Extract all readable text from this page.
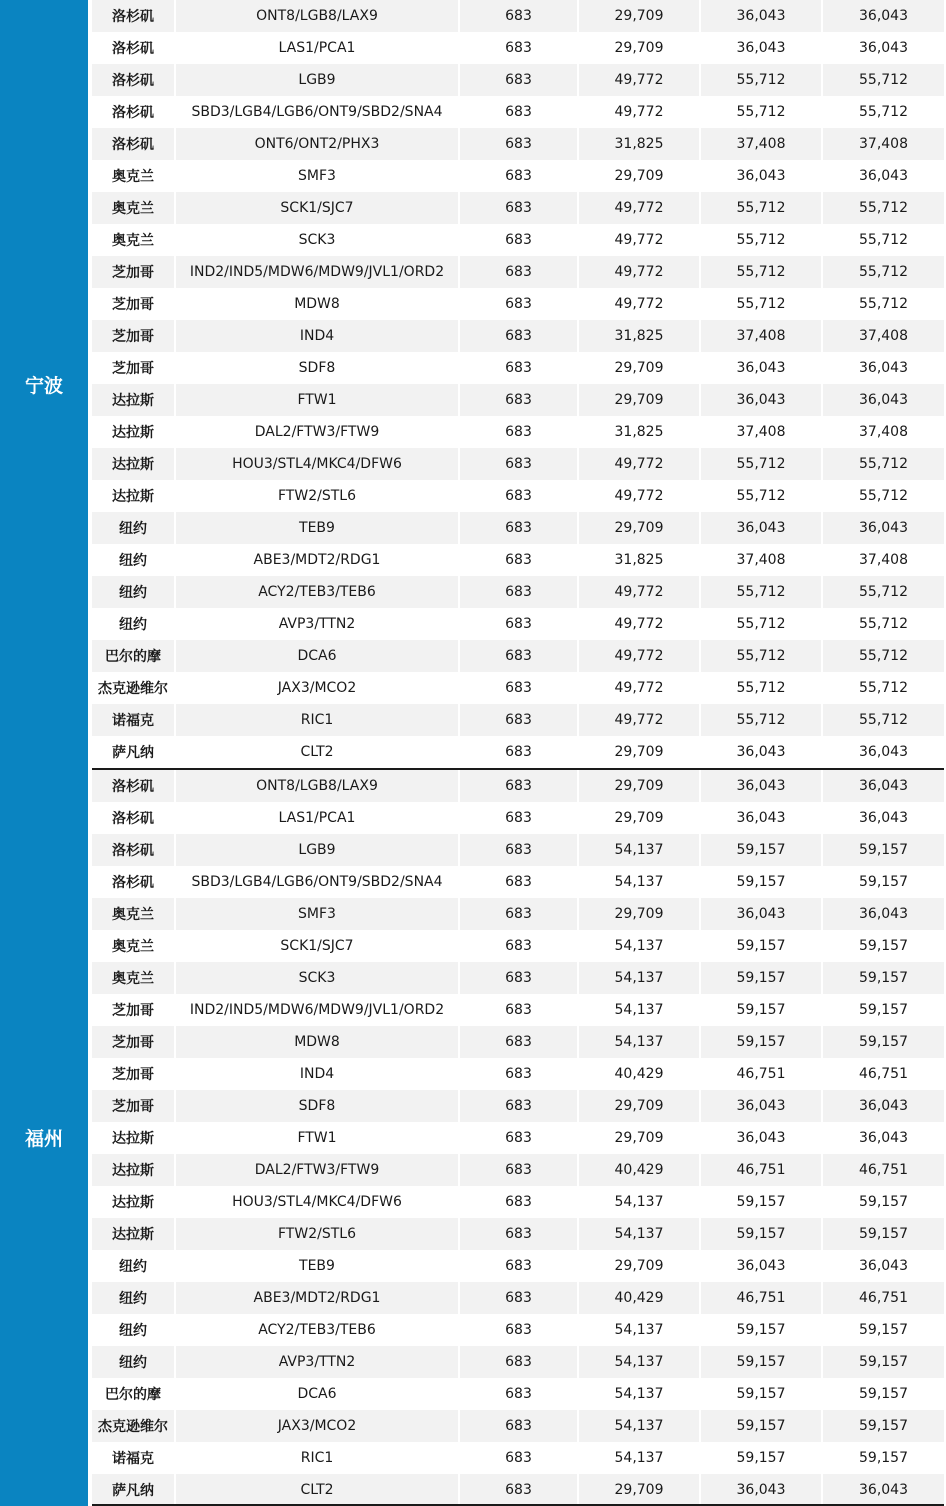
宁波
洛杉矶	ONT8/LGB8/LAX9	683	29,709	36,043	36,043
洛杉矶	LAS1/PCA1	683	29,709	36,043	36,043
洛杉矶	LGB9	683	49,772	55,712	55,712
洛杉矶	SBD3/LGB4/LGB6/ONT9/SBD2/SNA4	683	49,772	55,712	55,712
洛杉矶	ONT6/ONT2/PHX3	683	31,825	37,408	37,408
奥克兰	SMF3	683	29,709	36,043	36,043
奥克兰	SCK1/SJC7	683	49,772	55,712	55,712
奥克兰	SCK3	683	49,772	55,712	55,712
芝加哥	IND2/IND5/MDW6/MDW9/JVL1/ORD2	683	49,772	55,712	55,712
芝加哥	MDW8	683	49,772	55,712	55,712
芝加哥	IND4	683	31,825	37,408	37,408
芝加哥	SDF8	683	29,709	36,043	36,043
达拉斯	FTW1	683	29,709	36,043	36,043
达拉斯	DAL2/FTW3/FTW9	683	31,825	37,408	37,408
达拉斯	HOU3/STL4/MKC4/DFW6	683	49,772	55,712	55,712
达拉斯	FTW2/STL6	683	49,772	55,712	55,712
纽约	TEB9	683	29,709	36,043	36,043
纽约	ABE3/MDT2/RDG1	683	31,825	37,408	37,408
纽约	ACY2/TEB3/TEB6	683	49,772	55,712	55,712
纽约	AVP3/TTN2	683	49,772	55,712	55,712
巴尔的摩	DCA6	683	49,772	55,712	55,712
杰克逊维尔	JAX3/MCO2	683	49,772	55,712	55,712
诺福克	RIC1	683	49,772	55,712	55,712
萨凡纳	CLT2	683	29,709	36,043	36,043
福州
洛杉矶	ONT8/LGB8/LAX9	683	29,709	36,043	36,043
洛杉矶	LAS1/PCA1	683	29,709	36,043	36,043
洛杉矶	LGB9	683	54,137	59,157	59,157
洛杉矶	SBD3/LGB4/LGB6/ONT9/SBD2/SNA4	683	54,137	59,157	59,157
奥克兰	SMF3	683	29,709	36,043	36,043
奥克兰	SCK1/SJC7	683	54,137	59,157	59,157
奥克兰	SCK3	683	54,137	59,157	59,157
芝加哥	IND2/IND5/MDW6/MDW9/JVL1/ORD2	683	54,137	59,157	59,157
芝加哥	MDW8	683	54,137	59,157	59,157
芝加哥	IND4	683	40,429	46,751	46,751
芝加哥	SDF8	683	29,709	36,043	36,043
达拉斯	FTW1	683	29,709	36,043	36,043
达拉斯	DAL2/FTW3/FTW9	683	40,429	46,751	46,751
达拉斯	HOU3/STL4/MKC4/DFW6	683	54,137	59,157	59,157
达拉斯	FTW2/STL6	683	54,137	59,157	59,157
纽约	TEB9	683	29,709	36,043	36,043
纽约	ABE3/MDT2/RDG1	683	40,429	46,751	46,751
纽约	ACY2/TEB3/TEB6	683	54,137	59,157	59,157
纽约	AVP3/TTN2	683	54,137	59,157	59,157
巴尔的摩	DCA6	683	54,137	59,157	59,157
杰克逊维尔	JAX3/MCO2	683	54,137	59,157	59,157
诺福克	RIC1	683	54,137	59,157	59,157
萨凡纳	CLT2	683	29,709	36,043	36,043
